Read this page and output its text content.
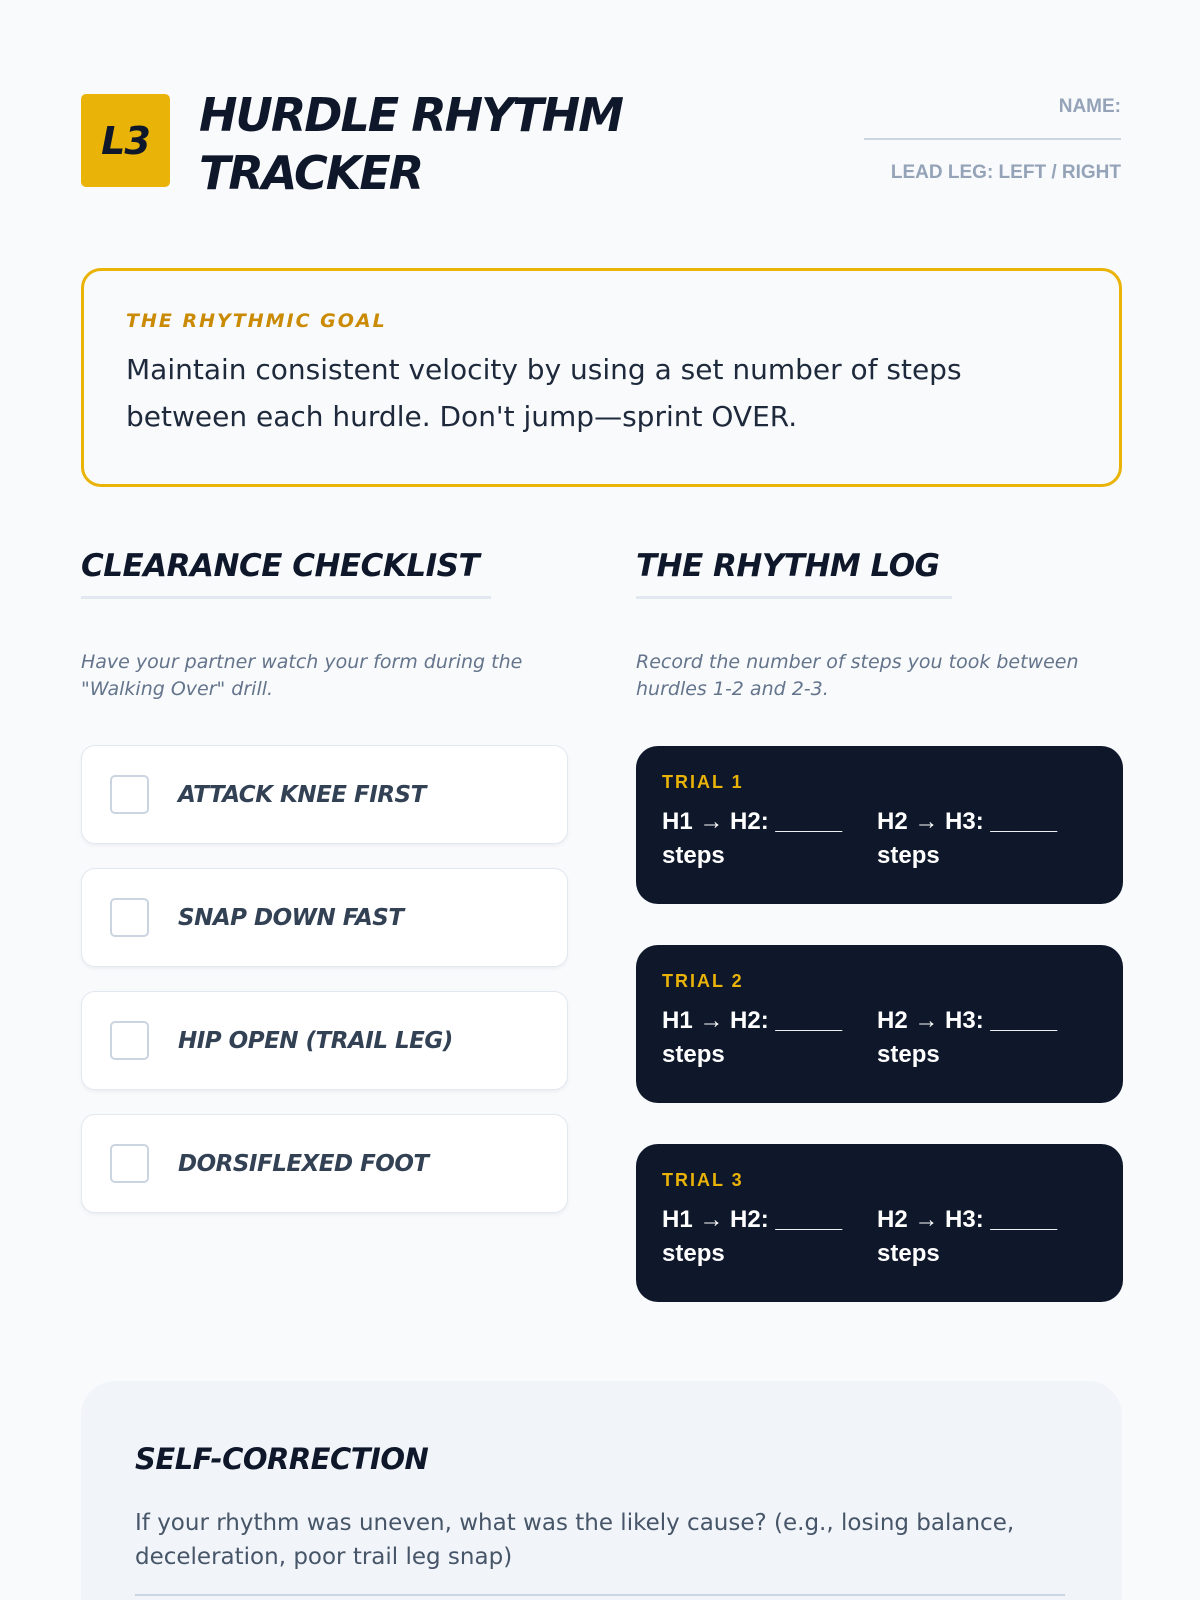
L3	HURDLE RHYTHM TRACKER
NAME:
LEAD LEG: LEFT / RIGHT
THE RHYTHMIC GOAL

Maintain consistent velocity by using a set number of steps between each hurdle. Don't jump—sprint OVER.

CLEARANCE CHECKLIST

Have your partner watch your form during the "Walking Over" drill.

ATTACK KNEE FIRST
SNAP DOWN FAST
HIP OPEN (TRAIL LEG)
DORSIFLEXED FOOT
THE RHYTHM LOG

Record the number of steps you took between hurdles 1-2 and 2-3.

TRIAL 1
H1 → H2: _____ steps
H2 → H3: _____ steps
TRIAL 2
H1 → H2: _____ steps
H2 → H3: _____ steps
TRIAL 3
H1 → H2: _____ steps
H2 → H3: _____ steps
SELF-CORRECTION

If your rhythm was uneven, what was the likely cause? (e.g., losing balance, deceleration, poor trail leg snap)
